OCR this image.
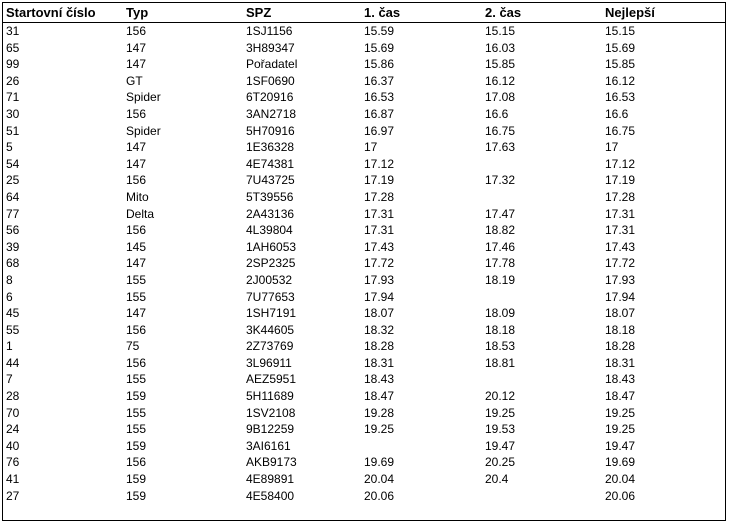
Startovní číslo	Typ	SPZ	1. čas	2. čas	Nejlepší
31	156	1SJ1156	15.59	15.15	15.15
65	147	3H89347	15.69	16.03	15.69
99	147	Pořadatel	15.86	15.85	15.85
26	GT	1SF0690	16.37	16.12	16.12
71	Spider	6T20916	16.53	17.08	16.53
30	156	3AN2718	16.87	16.6	16.6
51	Spider	5H70916	16.97	16.75	16.75
5	147	1E36328	17	17.63	17
54	147	4E74381	17.12		17.12
25	156	7U43725	17.19	17.32	17.19
64	Mito	5T39556	17.28		17.28
77	Delta	2A43136	17.31	17.47	17.31
56	156	4L39804	17.31	18.82	17.31
39	145	1AH6053	17.43	17.46	17.43
68	147	2SP2325	17.72	17.78	17.72
8	155	2J00532	17.93	18.19	17.93
6	155	7U77653	17.94		17.94
45	147	1SH7191	18.07	18.09	18.07
55	156	3K44605	18.32	18.18	18.18
1	75	2Z73769	18.28	18.53	18.28
44	156	3L96911	18.31	18.81	18.31
7	155	AEZ5951	18.43		18.43
28	159	5H11689	18.47	20.12	18.47
70	155	1SV2108	19.28	19.25	19.25
24	155	9B12259	19.25	19.53	19.25
40	159	3AI6161		19.47	19.47
76	156	AKB9173	19.69	20.25	19.69
41	159	4E89891	20.04	20.4	20.04
27	159	4E58400	20.06		20.06
